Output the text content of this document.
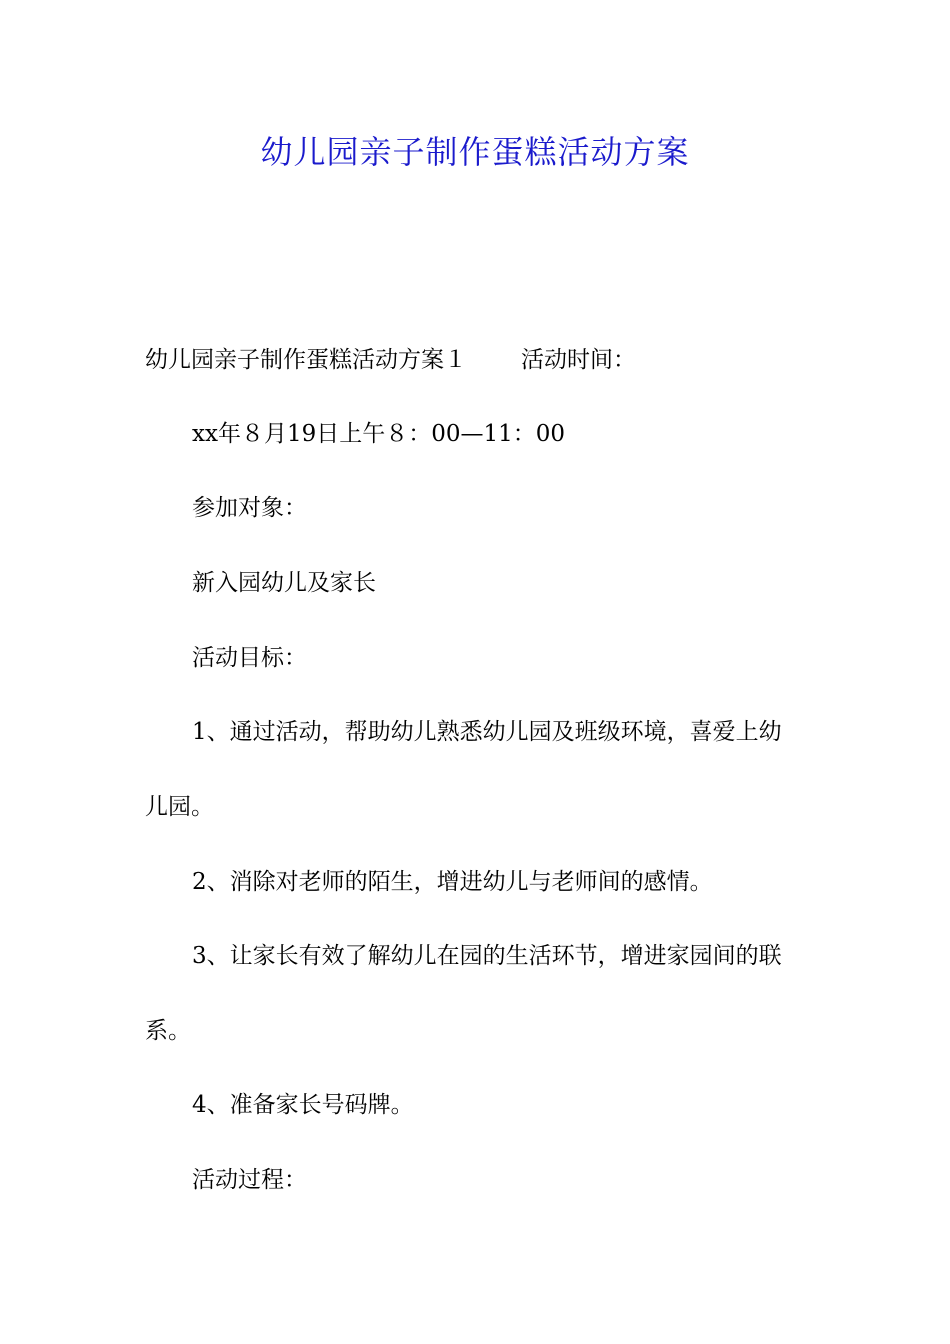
幼儿园亲子制作蛋糕活动方案
幼儿园亲子制作蛋糕活动方案１ 活动时间：
xx年８月19日上午８：00—11：00
参加对象：
新入园幼儿及家长
活动目标：
1、通过活动，帮助幼儿熟悉幼儿园及班级环境，喜爱上幼
儿园。
2、消除对老师的陌生，增进幼儿与老师间的感情。
3、让家长有效了解幼儿在园的生活环节，增进家园间的联
系。
4、准备家长号码牌。
活动过程：
